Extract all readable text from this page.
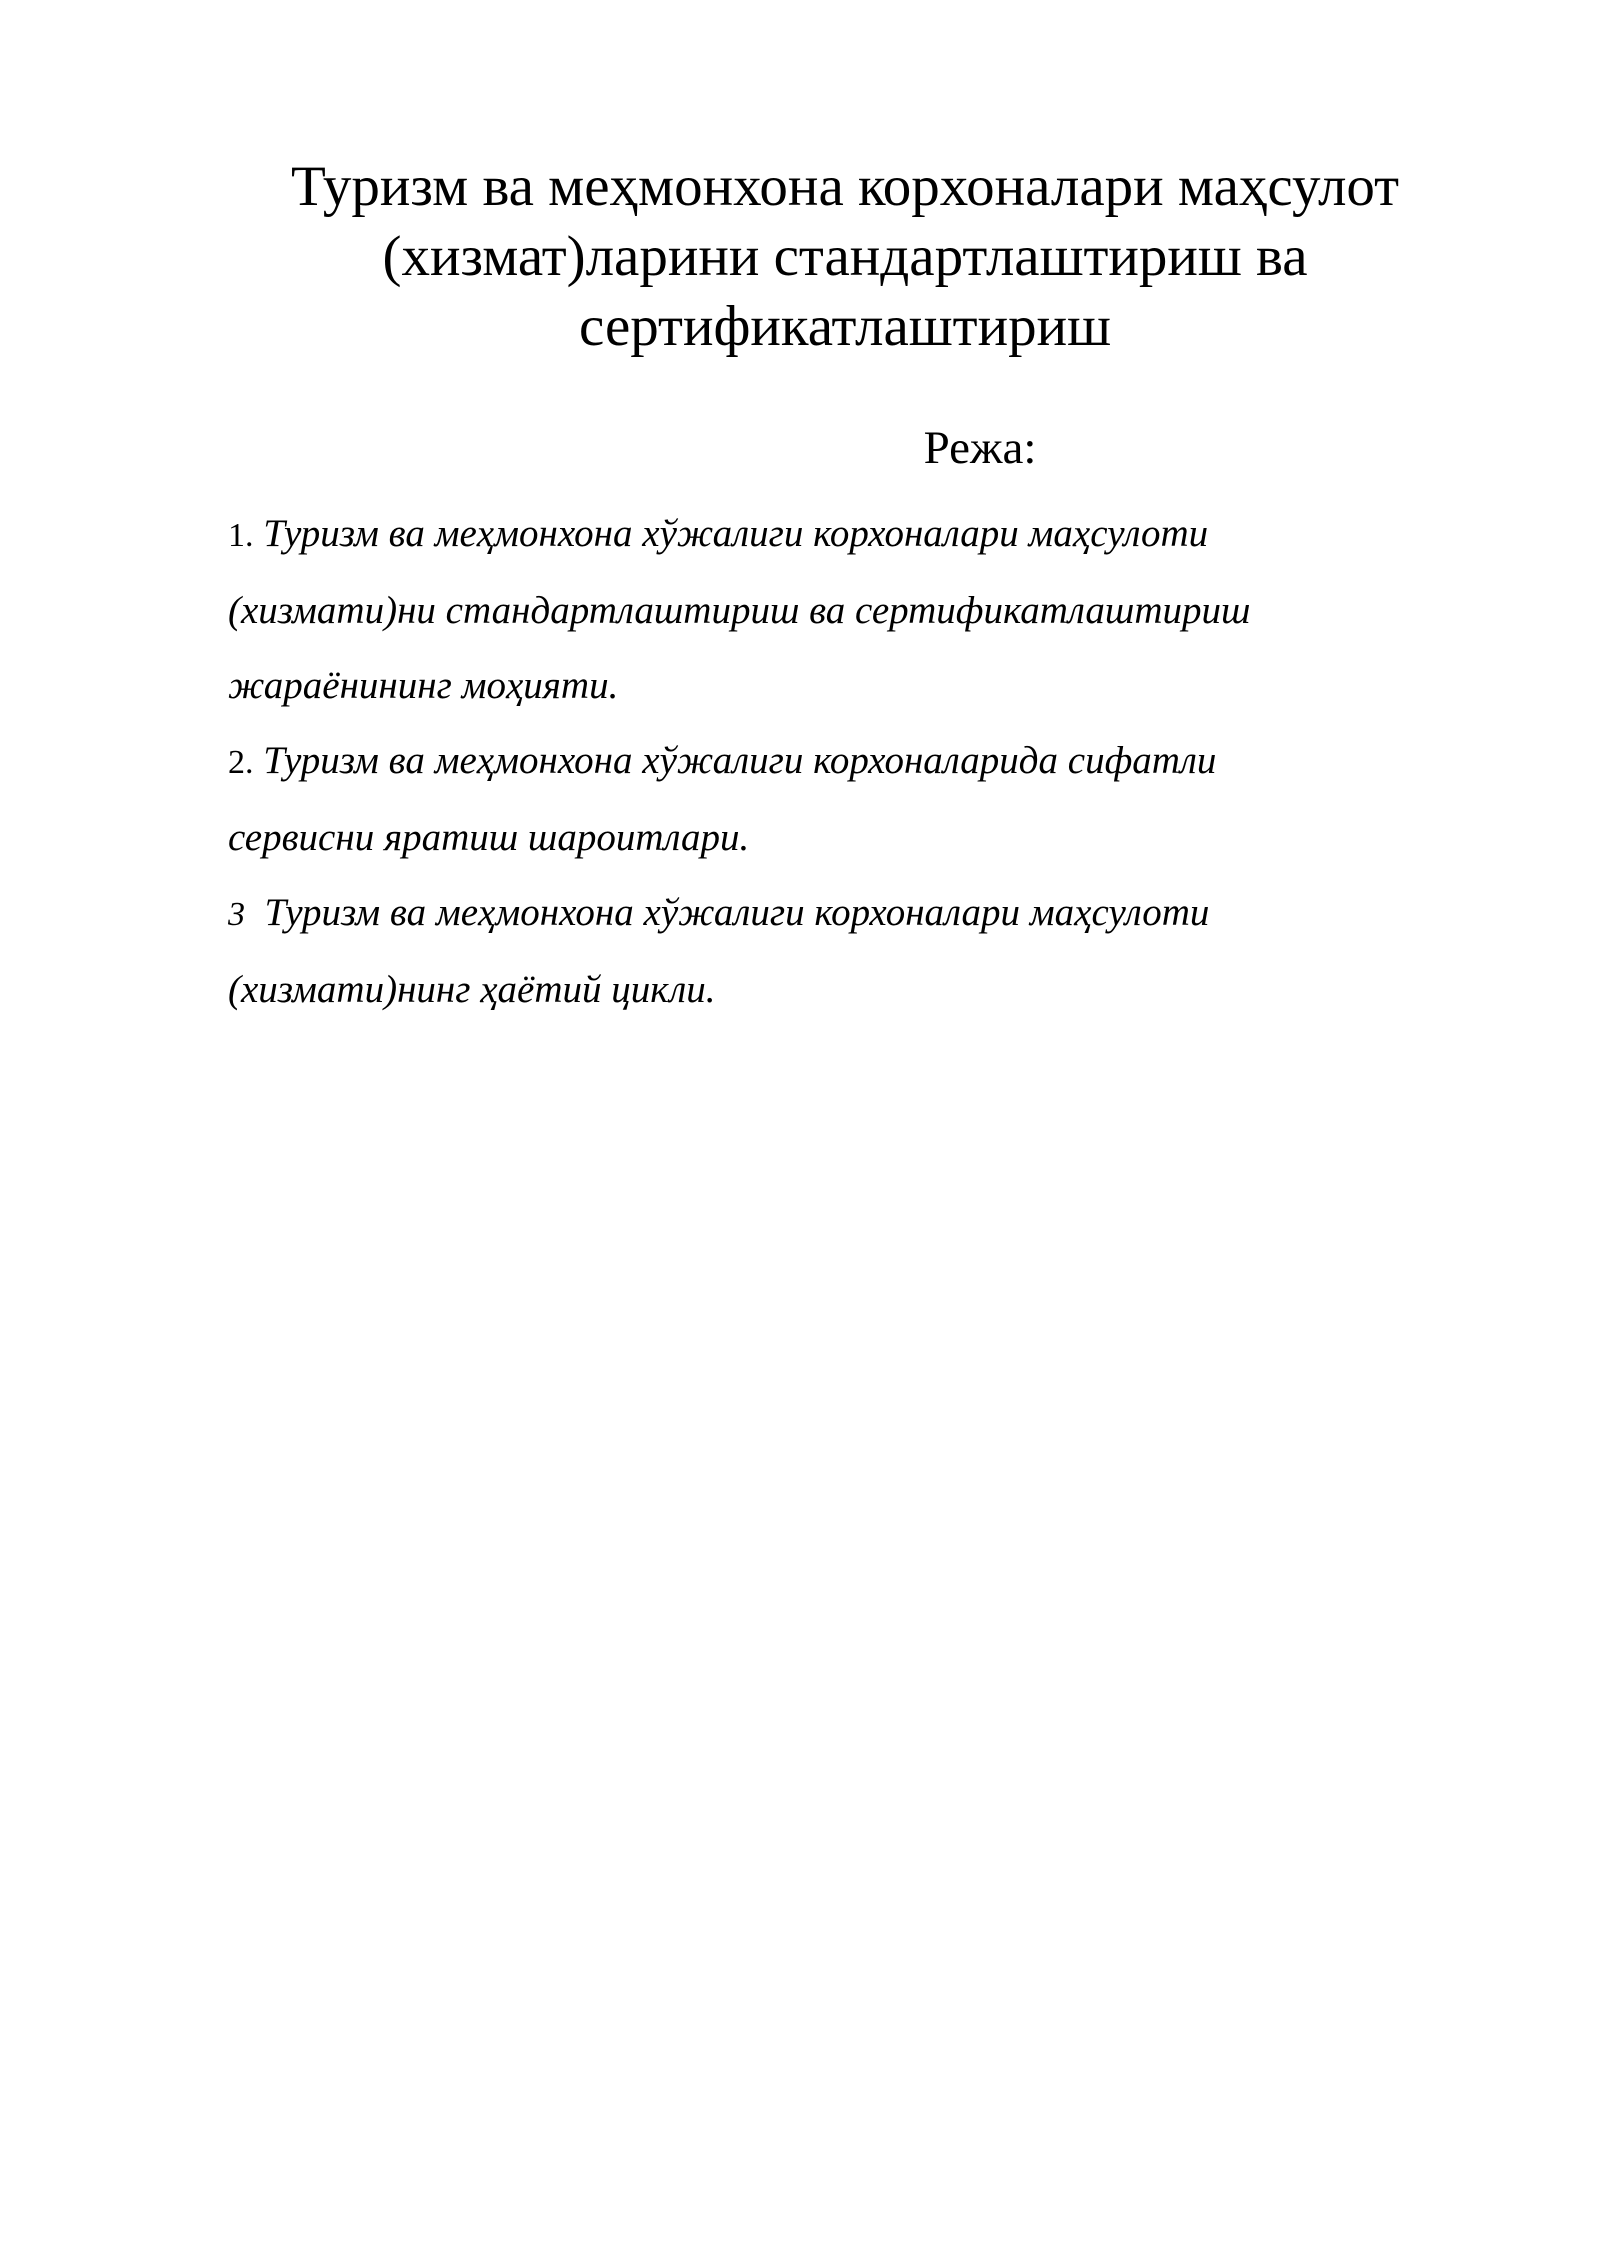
Туризм ва меҳмонхона корхоналари маҳсулот
(хизмат)ларини стандартлаштириш ва
сертификатлаштириш
Режа:
1. Туризм ва меҳмонхона хўжалиги корхоналари маҳсулоти
(хизмати)ни стандартлаштириш ва сертификатлаштириш
жараёнининг моҳияти.
2. Туризм ва меҳмонхона хўжалиги корхоналарида сифатли
сервисни яратиш шароитлари.
3 Туризм ва меҳмонхона хўжалиги корхоналари маҳсулоти
(хизмати)нинг ҳаётий цикли.
